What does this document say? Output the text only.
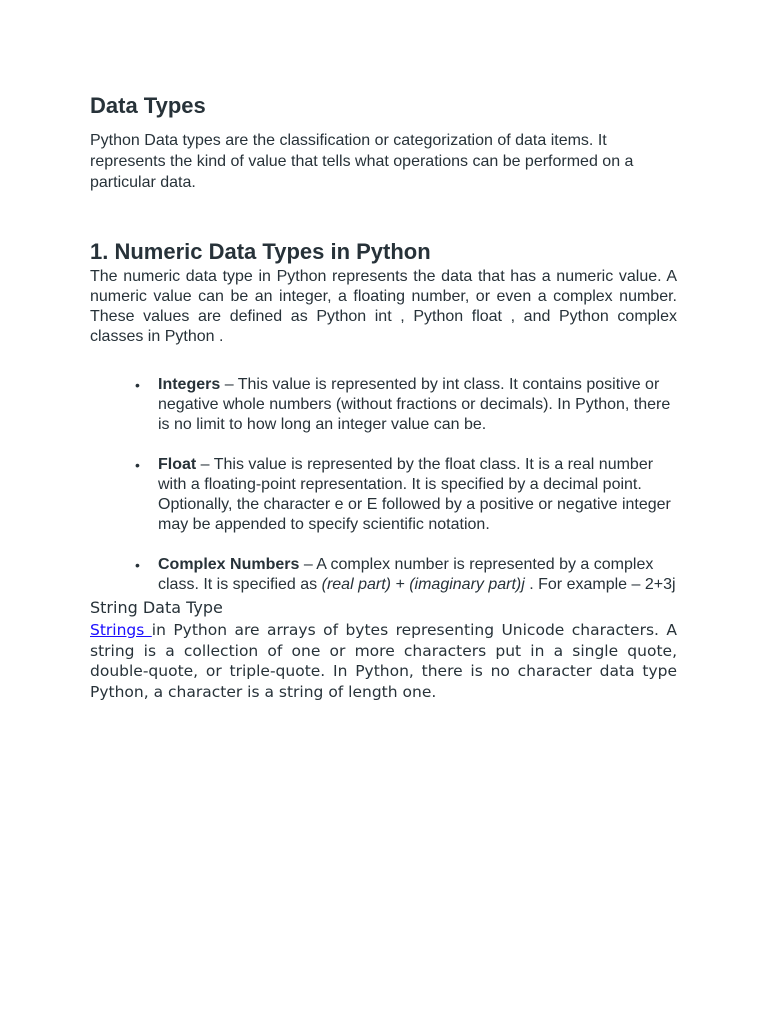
Data Types

Python Data types are the classification or categorization of data items. It represents the kind of value that tells what operations can be performed on a particular data.

1. Numeric Data Types in Python

The numeric data type in Python represents the data that has a numeric value. A numeric value can be an integer, a floating number, or even a complex number. These values are defined as Python int , Python float , and Python complex classes in Python .

• Integers – This value is represented by int class. It contains positive or negative whole numbers (without fractions or decimals). In Python, there is no limit to how long an integer value can be.
• Float – This value is represented by the float class. It is a real number with a floating-point representation. It is specified by a decimal point. Optionally, the character e or E followed by a positive or negative integer may be appended to specify scientific notation.
• Complex Numbers – A complex number is represented by a complex class. It is specified as (real part) + (imaginary part)j . For example – 2+3j
String Data Type

Strings in Python are arrays of bytes representing Unicode characters. A string is a collection of one or more characters put in a single quote, double-quote, or triple-quote. In Python, there is no character data type Python, a character is a string of length one.
